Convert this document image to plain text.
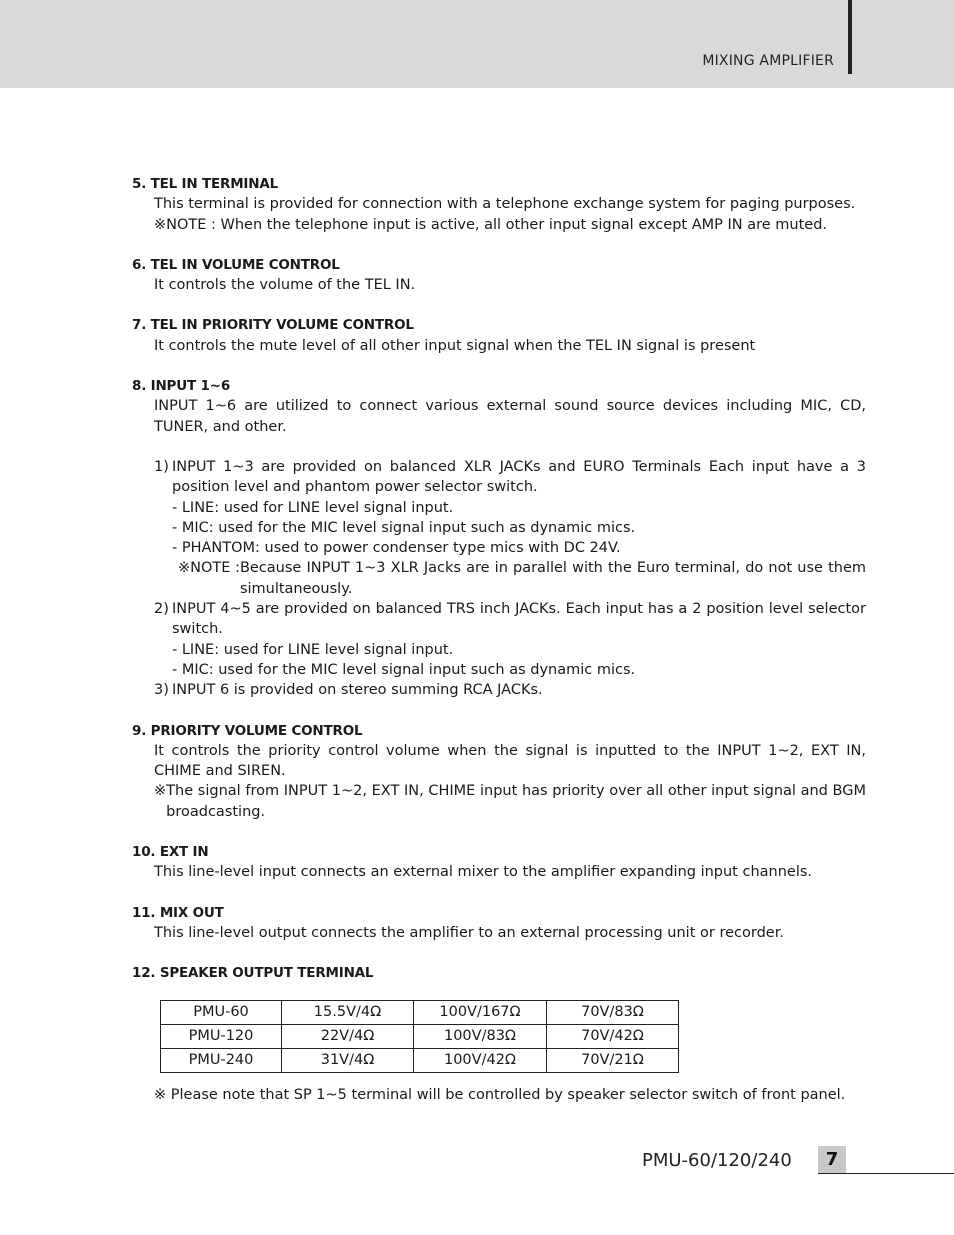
MIXING AMPLIFIER
5. TEL IN TERMINAL
This terminal is provided for connection with a telephone exchange system for paging purposes.
※NOTE : When the telephone input is active, all other input signal except AMP IN are muted.
6. TEL IN VOLUME CONTROL
It controls the volume of the TEL IN.
7. TEL IN PRIORITY VOLUME CONTROL
It controls the mute level of all other input signal when the TEL IN signal is present
8. INPUT 1~6
INPUT 1~6 are utilized to connect various external sound source devices including MIC, CD, TUNER, and other.
1) INPUT 1~3 are provided on balanced XLR JACKs and EURO Terminals Each input have a 3 position level and phantom power selector switch.
- LINE: used for LINE level signal input.
- MIC: used for the MIC level signal input such as dynamic mics.
- PHANTOM: used to power condenser type mics with DC 24V.
※NOTE : Because INPUT 1~3 XLR Jacks are in parallel with the Euro terminal, do not use them simultaneously.
2) INPUT 4~5 are provided on balanced TRS inch JACKs. Each input has a 2 position level selector switch.
- LINE: used for LINE level signal input.
- MIC: used for the MIC level signal input such as dynamic mics.
3) INPUT 6 is provided on stereo summing RCA JACKs.
9. PRIORITY VOLUME CONTROL
It controls the priority control volume when the signal is inputted to the INPUT 1~2, EXT IN, CHIME and SIREN.
※ The signal from INPUT 1~2, EXT IN, CHIME input has priority over all other input signal and BGM broadcasting.
10. EXT IN
This line-level input connects an external mixer to the amplifier expanding input channels.
11. MIX OUT
This line-level output connects the amplifier to an external processing unit or recorder.
12. SPEAKER OUTPUT TERMINAL
PMU-60	15.5V/4Ω	100V/167Ω	70V/83Ω
PMU-120	22V/4Ω	100V/83Ω	70V/42Ω
PMU-240	31V/4Ω	100V/42Ω	70V/21Ω
※ Please note that SP 1~5 terminal will be controlled by speaker selector switch of front panel.
PMU-60/120/240	7
